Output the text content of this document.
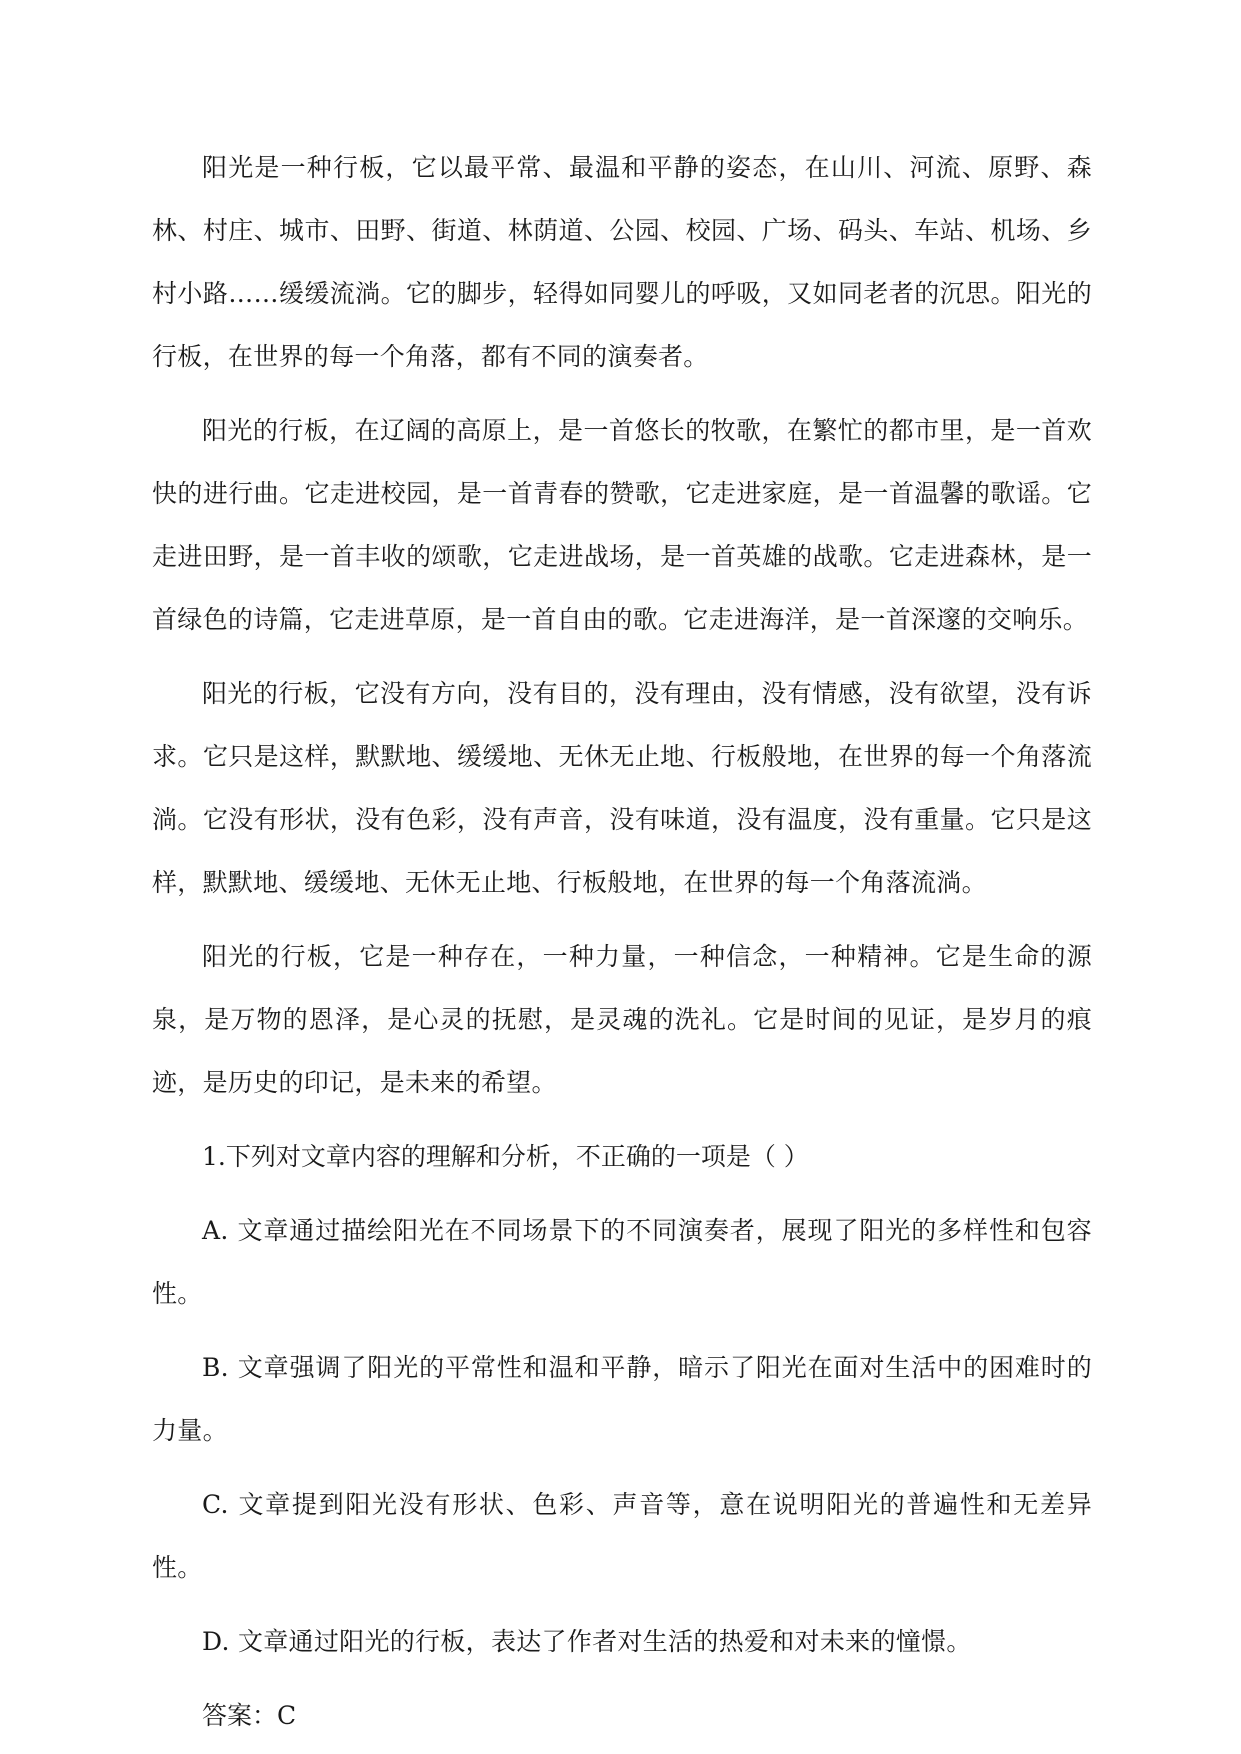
阳光是一种行板，它以最平常、最温和平静的姿态，在山川、河流、原野、森林、村庄、城市、田野、街道、林荫道、公园、校园、广场、码头、车站、机场、乡村小路……缓缓流淌。它的脚步，轻得如同婴儿的呼吸，又如同老者的沉思。阳光的行板，在世界的每一个角落，都有不同的演奏者。

阳光的行板，在辽阔的高原上，是一首悠长的牧歌，在繁忙的都市里，是一首欢快的进行曲。它走进校园，是一首青春的赞歌，它走进家庭，是一首温馨的歌谣。它走进田野，是一首丰收的颂歌，它走进战场，是一首英雄的战歌。它走进森林，是一首绿色的诗篇，它走进草原，是一首自由的歌。它走进海洋，是一首深邃的交响乐。

阳光的行板，它没有方向，没有目的，没有理由，没有情感，没有欲望，没有诉求。它只是这样，默默地、缓缓地、无休无止地、行板般地，在世界的每一个角落流淌。它没有形状，没有色彩，没有声音，没有味道，没有温度，没有重量。它只是这样，默默地、缓缓地、无休无止地、行板般地，在世界的每一个角落流淌。

阳光的行板，它是一种存在，一种力量，一种信念，一种精神。它是生命的源泉，是万物的恩泽，是心灵的抚慰，是灵魂的洗礼。它是时间的见证，是岁月的痕迹，是历史的印记，是未来的希望。

1.下列对文章内容的理解和分析，不正确的一项是（ ）

A. 文章通过描绘阳光在不同场景下的不同演奏者，展现了阳光的多样性和包容性。

B. 文章强调了阳光的平常性和温和平静，暗示了阳光在面对生活中的困难时的力量。

C. 文章提到阳光没有形状、色彩、声音等，意在说明阳光的普遍性和无差异性。

D. 文章通过阳光的行板，表达了作者对生活的热爱和对未来的憧憬。

答案：C
